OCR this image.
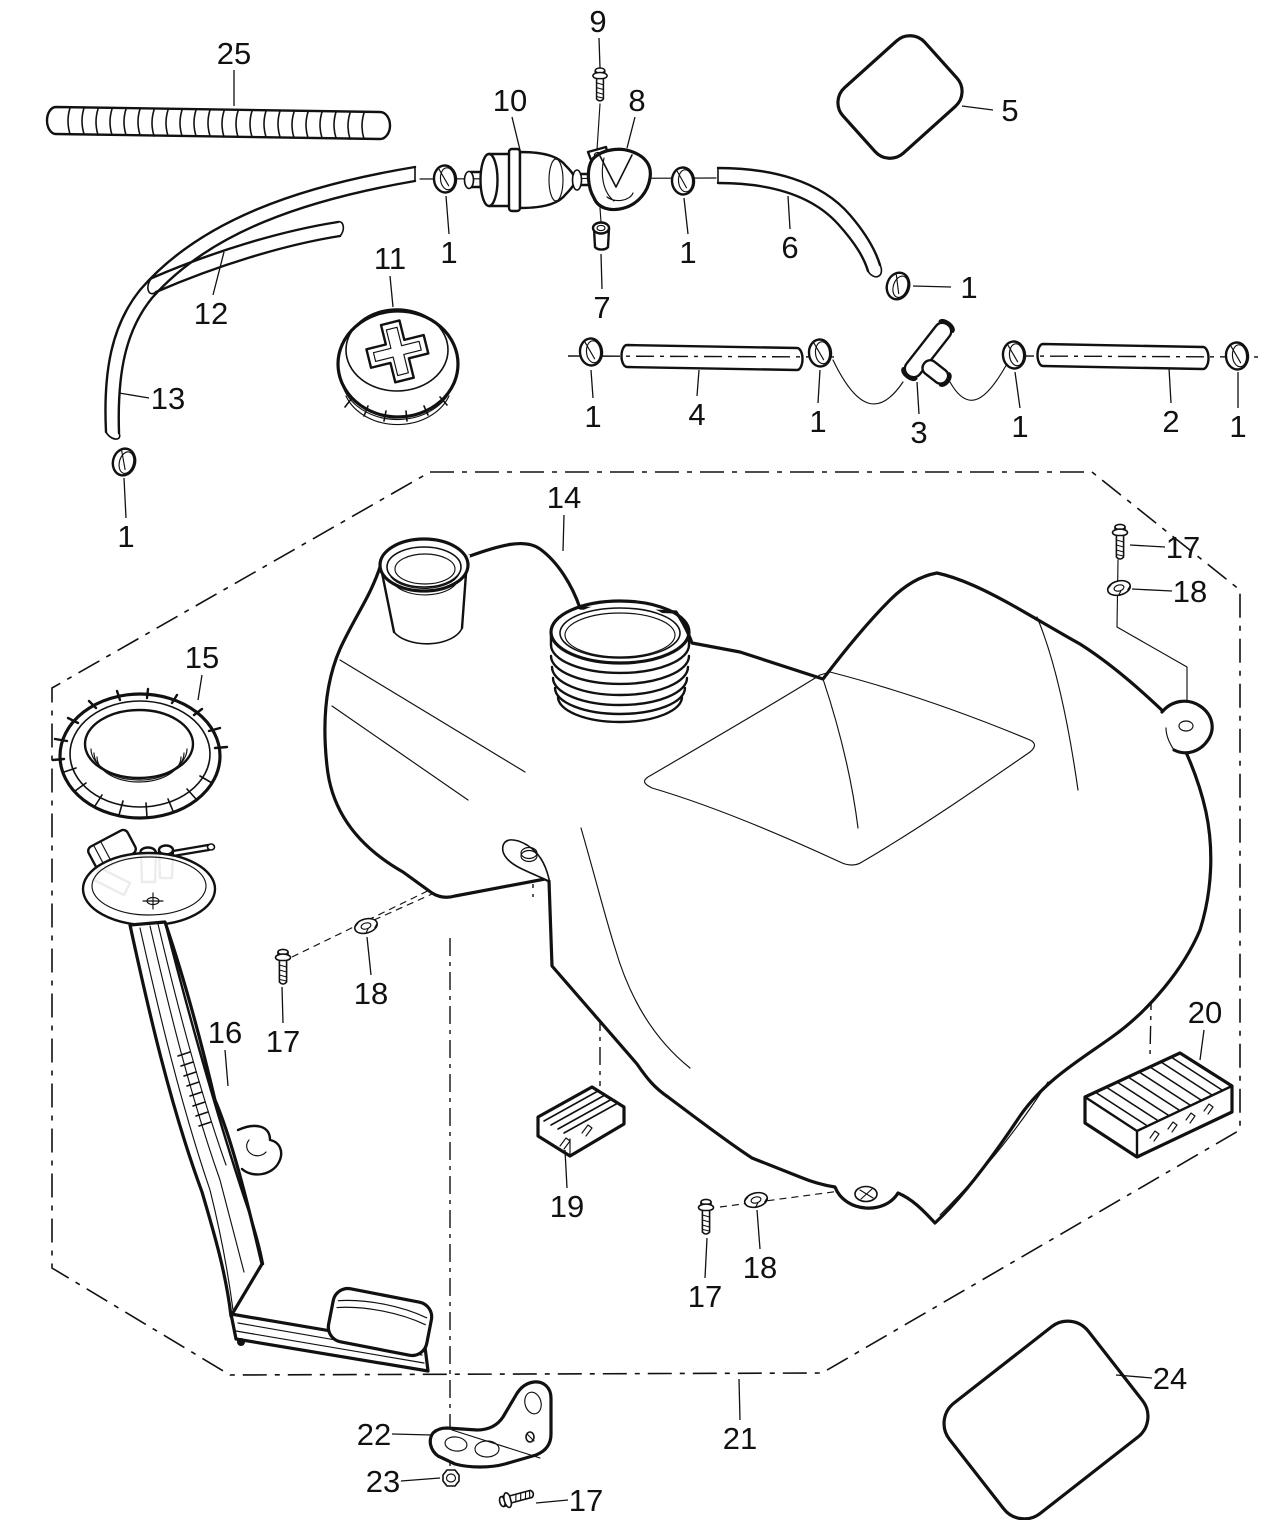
25
9
10	8	5
1	1	6
1
12
11
7
13
1	4	1	3	1	2 1
1
14
17
18
15
18
17
16
20
19
18
17
21
24
22
23
17
